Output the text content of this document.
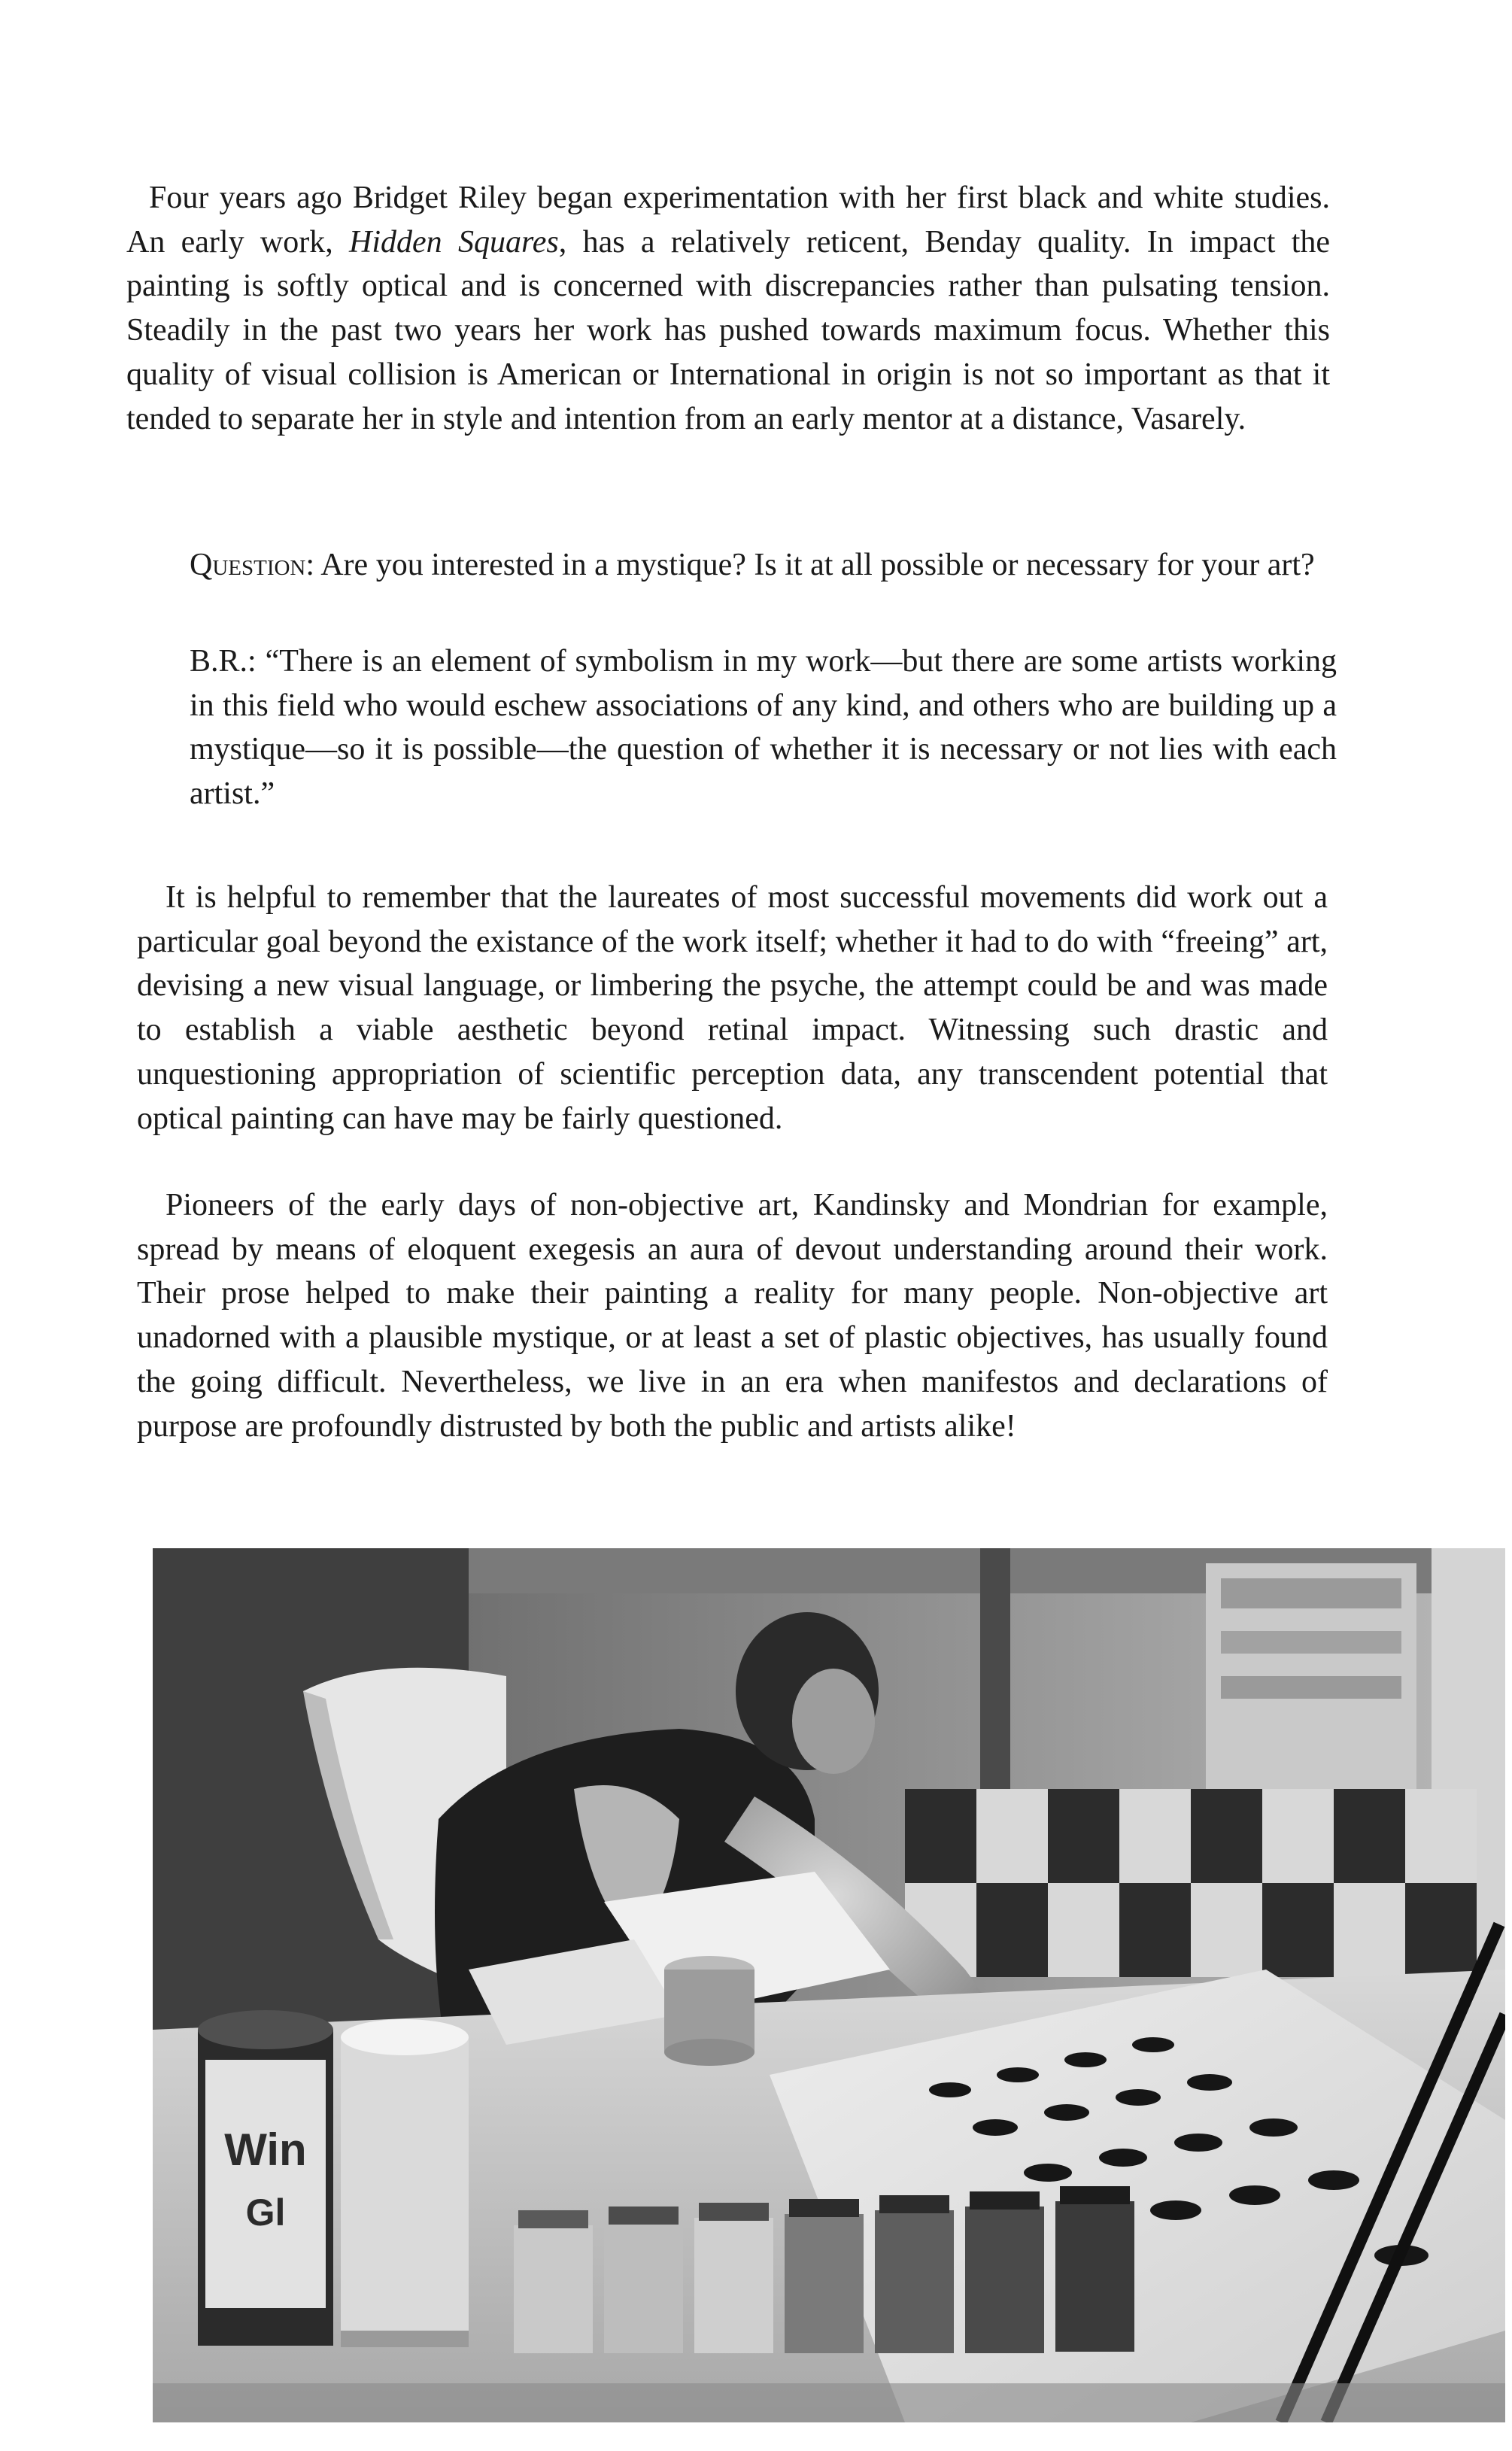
Four years ago Bridget Riley began experimentation with her first black and white studies. An early work, Hidden Squares, has a relatively reticent, Benday quality. In impact the painting is softly optical and is concerned with discrepancies rather than pulsating tension. Steadily in the past two years her work has pushed towards maximum focus. Whether this quality of visual collision is American or International in origin is not so important as that it tended to separate her in style and intention from an early mentor at a distance, Vasarely.

Question: Are you interested in a mystique? Is it at all possible or necessary for your art?

B.R.: “There is an element of symbolism in my work—but there are some artists working in this field who would eschew associations of any kind, and others who are building up a mystique—so it is possible—the question of whether it is necessary or not lies with each artist.”

It is helpful to remember that the laureates of most successful movements did work out a particular goal beyond the existance of the work itself; whether it had to do with “freeing” art, devising a new visual language, or limbering the psyche, the attempt could be and was made to establish a viable aesthetic beyond retinal impact. Witnessing such drastic and unquestioning appropriation of scientific perception data, any transcendent potential that optical painting can have may be fairly questioned.

Pioneers of the early days of non-objective art, Kandinsky and Mondrian for example, spread by means of eloquent exegesis an aura of devout understanding around their work. Their prose helped to make their painting a reality for many people. Non-objective art unadorned with a plausible mystique, or at least a set of plastic objectives, has usually found the going difficult. Nevertheless, we live in an era when manifestos and declarations of purpose are profoundly distrusted by both the public and artists alike!

Win
Gl
